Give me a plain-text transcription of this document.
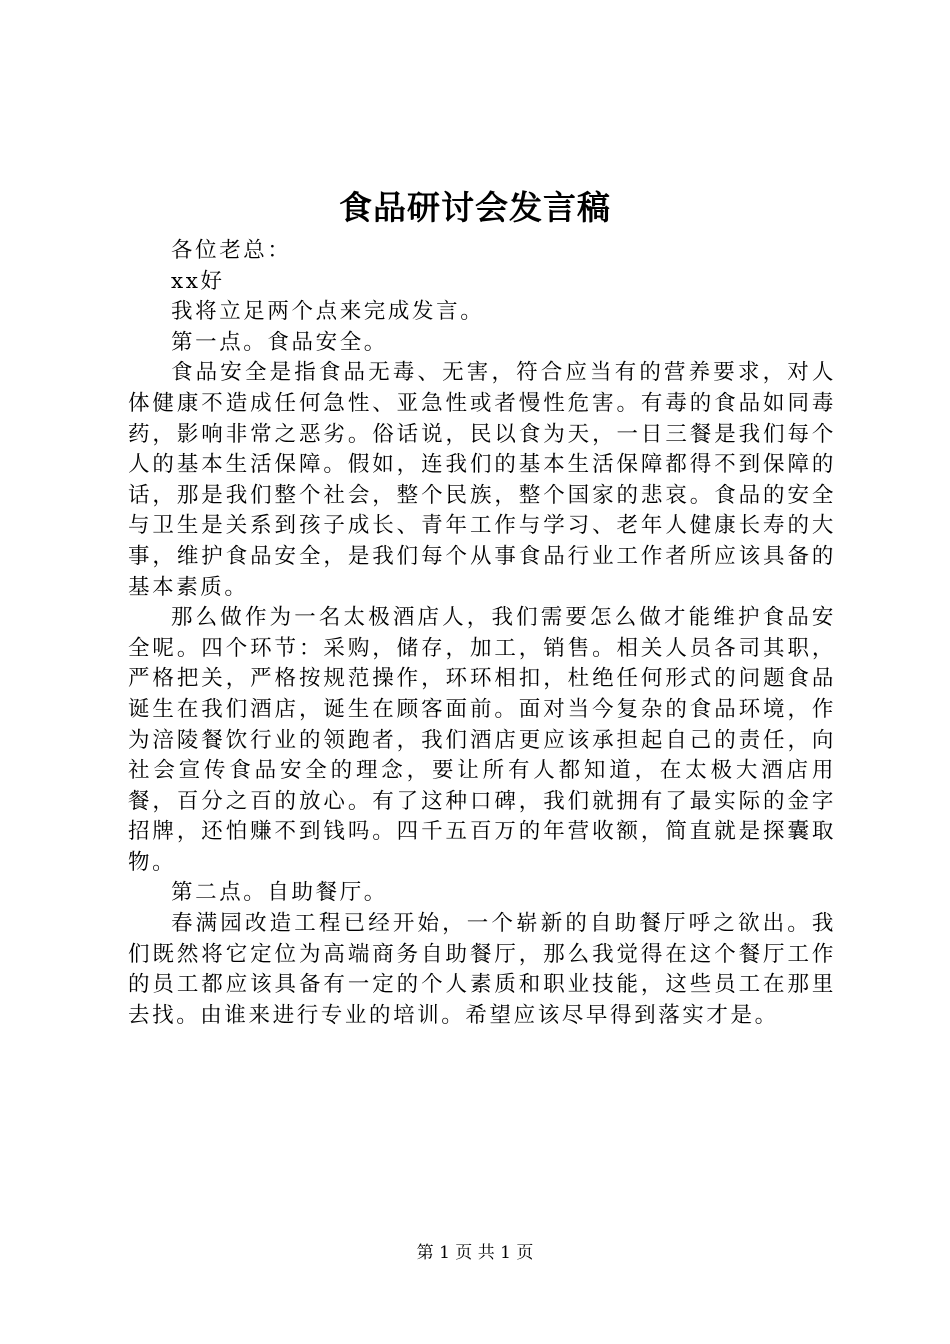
食品研讨会发言稿

各位老总：

xx好

我将立足两个点来完成发言。

第一点。食品安全。

食品安全是指食品无毒、无害，符合应当有的营养要求，对人体健康不造成任何急性、亚急性或者慢性危害。有毒的食品如同毒药，影响非常之恶劣。俗话说，民以食为天，一日三餐是我们每个人的基本生活保障。假如，连我们的基本生活保障都得不到保障的话，那是我们整个社会，整个民族，整个国家的悲哀。食品的安全与卫生是关系到孩子成长、青年工作与学习、老年人健康长寿的大事，维护食品安全，是我们每个从事食品行业工作者所应该具备的基本素质。

那么做作为一名太极酒店人，我们需要怎么做才能维护食品安全呢。四个环节：采购，储存，加工，销售。相关人员各司其职，严格把关，严格按规范操作，环环相扣，杜绝任何形式的问题食品诞生在我们酒店，诞生在顾客面前。面对当今复杂的食品环境，作为涪陵餐饮行业的领跑者，我们酒店更应该承担起自己的责任，向社会宣传食品安全的理念，要让所有人都知道，在太极大酒店用餐，百分之百的放心。有了这种口碑，我们就拥有了最实际的金字招牌，还怕赚不到钱吗。四千五百万的年营收额，简直就是探囊取物。

第二点。自助餐厅。

春满园改造工程已经开始，一个崭新的自助餐厅呼之欲出。我们既然将它定位为高端商务自助餐厅，那么我觉得在这个餐厅工作的员工都应该具备有一定的个人素质和职业技能，这些员工在那里去找。由谁来进行专业的培训。希望应该尽早得到落实才是。

第 1 页 共 1 页
